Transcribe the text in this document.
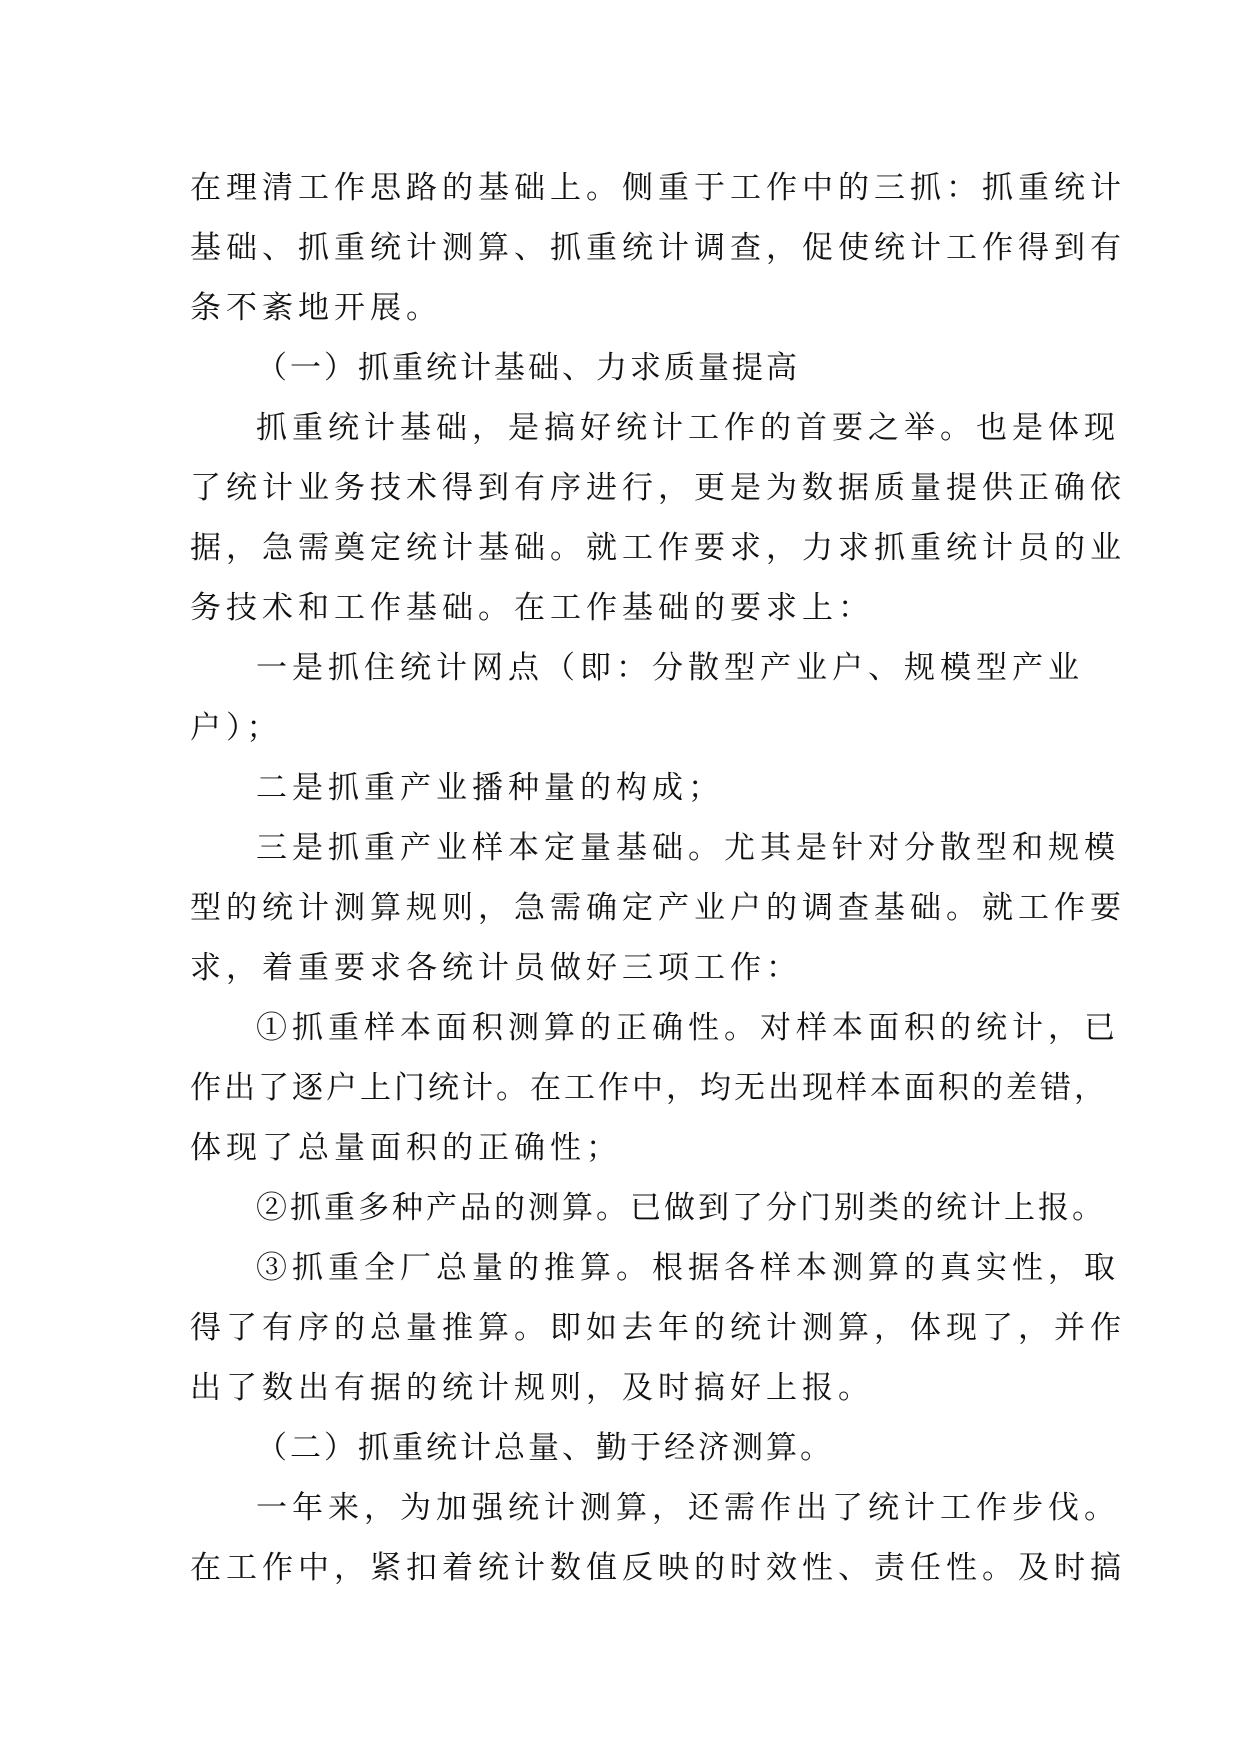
在理清工作思路的基础上。侧重于工作中的三抓：抓重统计
基础、抓重统计测算、抓重统计调查，促使统计工作得到有
条不紊地开展。
（一）抓重统计基础、力求质量提高
抓重统计基础，是搞好统计工作的首要之举。也是体现
了统计业务技术得到有序进行，更是为数据质量提供正确依
据，急需奠定统计基础。就工作要求，力求抓重统计员的业
务技术和工作基础。在工作基础的要求上：
一是抓住统计网点（即：分散型产业户、规模型产业
户）；
二是抓重产业播种量的构成；
三是抓重产业样本定量基础。尤其是针对分散型和规模
型的统计测算规则，急需确定产业户的调查基础。就工作要
求，着重要求各统计员做好三项工作：
①抓重样本面积测算的正确性。对样本面积的统计，已
作出了逐户上门统计。在工作中，均无出现样本面积的差错，
体现了总量面积的正确性；
②抓重多种产品的测算。已做到了分门别类的统计上报。
③抓重全厂总量的推算。根据各样本测算的真实性，取
得了有序的总量推算。即如去年的统计测算，体现了，并作
出了数出有据的统计规则，及时搞好上报。
（二）抓重统计总量、勤于经济测算。
一年来，为加强统计测算，还需作出了统计工作步伐。
在工作中，紧扣着统计数值反映的时效性、责任性。及时搞
